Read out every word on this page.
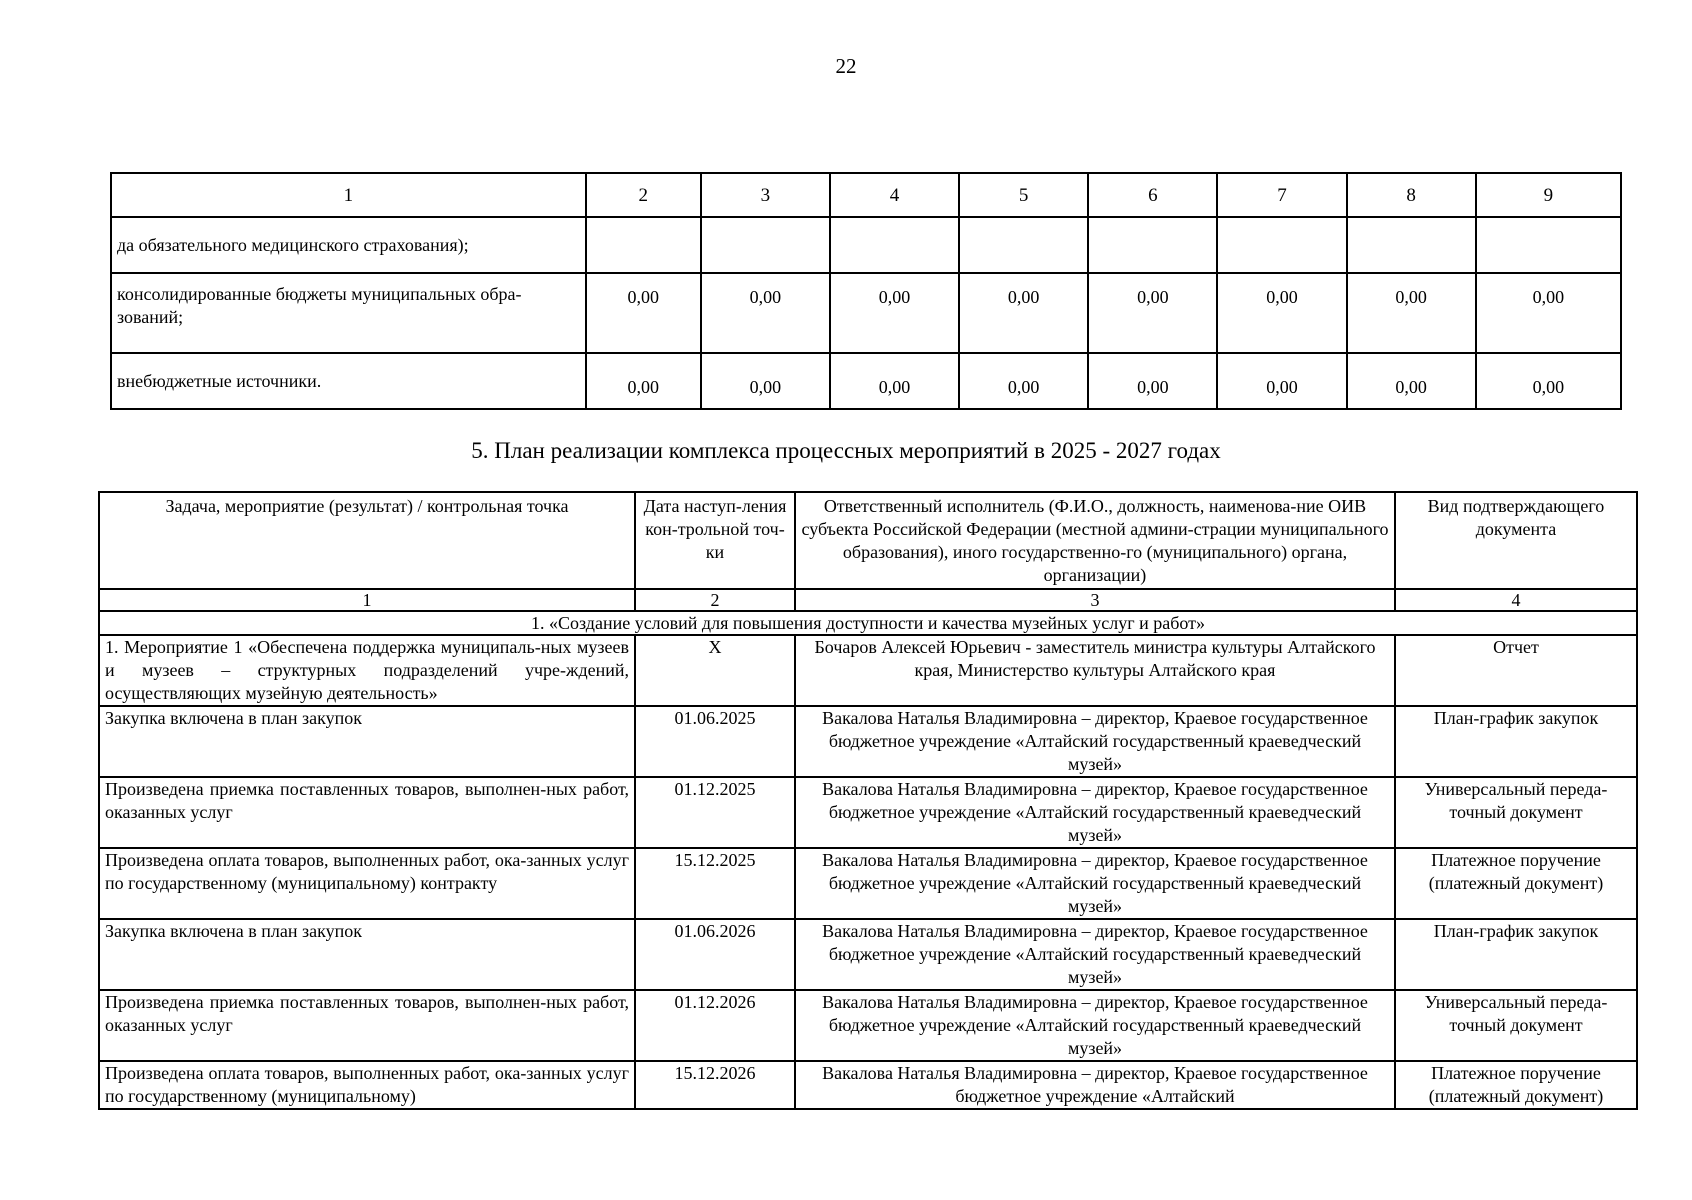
22
1	2	3	4	5	6	7	8	9
да обязательного медицинского страхования);								
консолидированные бюджеты муниципальных обра-зований;	0,00	0,00	0,00	0,00	0,00	0,00	0,00	0,00
внебюджетные источники.	0,00	0,00	0,00	0,00	0,00	0,00	0,00	0,00
5. План реализации комплекса процессных мероприятий в 2025 - 2027 годах
Задача, мероприятие (результат) / контрольная точка	Дата наступ-ления кон-трольной точ-ки	Ответственный исполнитель (Ф.И.О., должность, наименова-ние ОИВ субъекта Российской Федерации (местной админи-страции муниципального образования), иного государственно-го (муниципального) органа, организации)	Вид подтверждающего документа
1	2	3	4
1. «Создание условий для повышения доступности и качества музейных услуг и работ»			
1. Мероприятие 1 «Обеспечена поддержка муниципаль-ных музеев и музеев – структурных подразделений учре-ждений, осуществляющих музейную деятельность»	X	Бочаров Алексей Юрьевич - заместитель министра культуры Алтайского края, Министерство культуры Алтайского края	Отчет
Закупка включена в план закупок	01.06.2025	Вакалова Наталья Владимировна – директор, Краевое государственное бюджетное учреждение «Алтайский государственный краеведческий музей»	План-график закупок
Произведена приемка поставленных товаров, выполнен-ных работ, оказанных услуг	01.12.2025	Вакалова Наталья Владимировна – директор, Краевое государственное бюджетное учреждение «Алтайский государственный краеведческий музей»	Универсальный переда-точный документ
Произведена оплата товаров, выполненных работ, ока-занных услуг по государственному (муниципальному) контракту	15.12.2025	Вакалова Наталья Владимировна – директор, Краевое государственное бюджетное учреждение «Алтайский государственный краеведческий музей»	Платежное поручение (платежный документ)
Закупка включена в план закупок	01.06.2026	Вакалова Наталья Владимировна – директор, Краевое государственное бюджетное учреждение «Алтайский государственный краеведческий музей»	План-график закупок
Произведена приемка поставленных товаров, выполнен-ных работ, оказанных услуг	01.12.2026	Вакалова Наталья Владимировна – директор, Краевое государственное бюджетное учреждение «Алтайский государственный краеведческий музей»	Универсальный переда-точный документ
Произведена оплата товаров, выполненных работ, ока-занных услуг по государственному (муниципальному)	15.12.2026	Вакалова Наталья Владимировна – директор, Краевое государственное бюджетное учреждение «Алтайский	Платежное поручение (платежный документ)
